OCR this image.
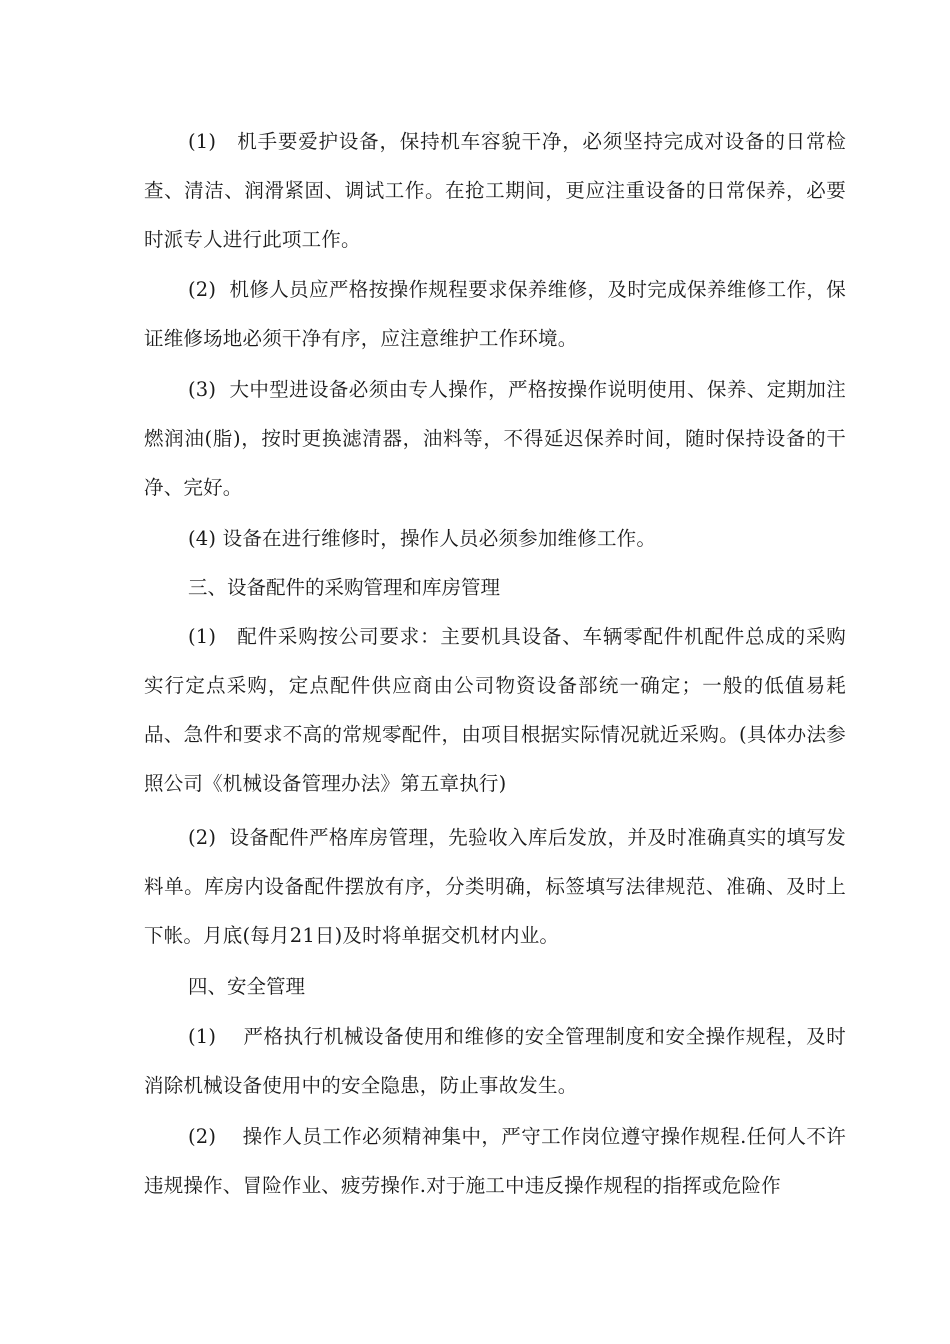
(1) 机手要爱护设备，保持机车容貌干净，必须坚持完成对设备的日常检查、清洁、润滑紧固、调试工作。在抢工期间，更应注重设备的日常保养，必要时派专人进行此项工作。

(2) 机修人员应严格按操作规程要求保养维修，及时完成保养维修工作，保证维修场地必须干净有序，应注意维护工作环境。

(3) 大中型进设备必须由专人操作，严格按操作说明使用、保养、定期加注燃润油(脂)，按时更换滤清器，油料等，不得延迟保养时间，随时保持设备的干净、完好。

(4) 设备在进行维修时，操作人员必须参加维修工作。

三、设备配件的采购管理和库房管理

(1) 配件采购按公司要求：主要机具设备、车辆零配件机配件总成的采购实行定点采购，定点配件供应商由公司物资设备部统一确定；一般的低值易耗品、急件和要求不高的常规零配件，由项目根据实际情况就近采购。(具体办法参照公司《机械设备管理办法》第五章执行)

(2) 设备配件严格库房管理，先验收入库后发放，并及时准确真实的填写发料单。库房内设备配件摆放有序，分类明确，标签填写法律规范、准确、及时上下帐。月底(每月21日)及时将单据交机材内业。

四、安全管理

(1) 严格执行机械设备使用和维修的安全管理制度和安全操作规程，及时消除机械设备使用中的安全隐患，防止事故发生。

(2) 操作人员工作必须精神集中，严守工作岗位遵守操作规程.任何人不许违规操作、冒险作业、疲劳操作.对于施工中违反操作规程的指挥或危险作
